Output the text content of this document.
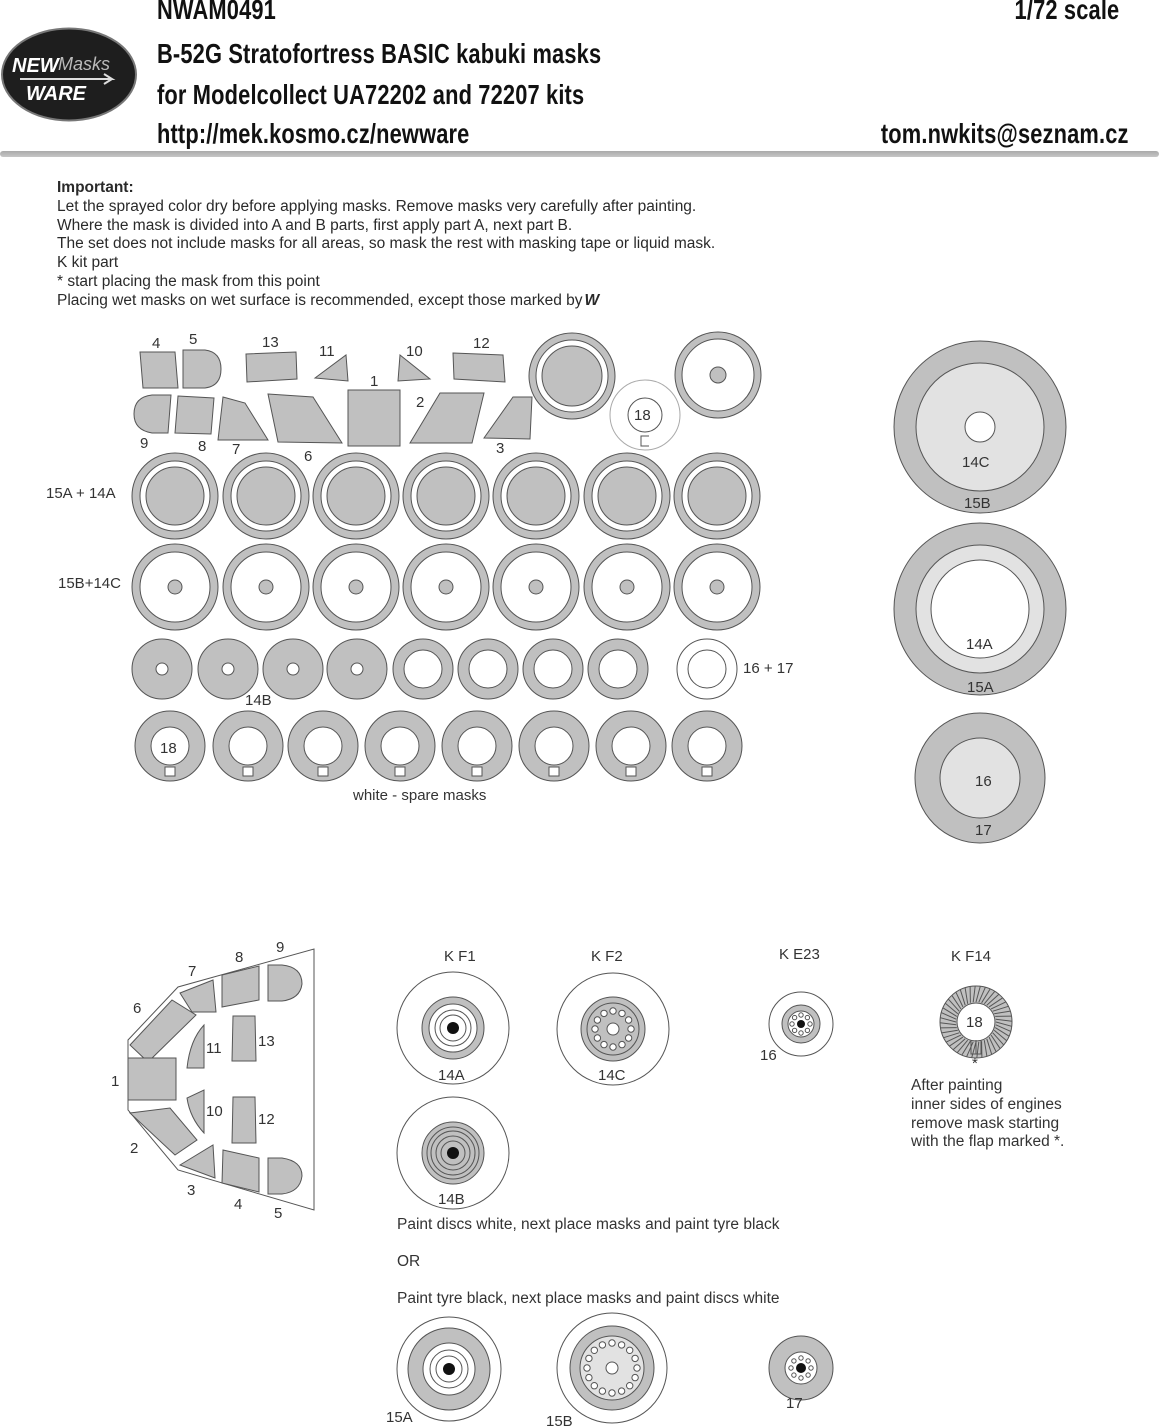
NWAM0491	1/72 scale
B-52G Stratofortress BASIC kabuki masks
for Modelcollect UA72202 and 72207 kits
http://mek.kosmo.cz/newware	tom.nwkits@seznam.cz
NEW Masks
WARE
Important:
Let the sprayed color dry before applying masks. Remove masks very carefully after painting.
Where the mask is divided into A and B parts, first apply part A, next part B.
The set does not include masks for all areas, so mask the rest with masking tape or liquid mask.
K kit part
* start placing the mask from this point
Placing wet masks on wet surface is recommended, except those marked by W
4 5	13
11	10	12
1
9	8 7	6
2
3
18
15A + 14A
15B+14C
16 + 17
14B
white - spare masks
18
14C
15B
14A
15A
16
17
9
8
7
6
1
2
3
4
5
13
11
10 12
K F1	K F2	K E23	K F14
14A	14C
16
18
*
14B
15A	15B
17
After painting
inner sides of engines
remove mask starting
with the flap marked *.
Paint discs white, next place masks and paint tyre black
OR
Paint tyre black, next place masks and paint discs white
